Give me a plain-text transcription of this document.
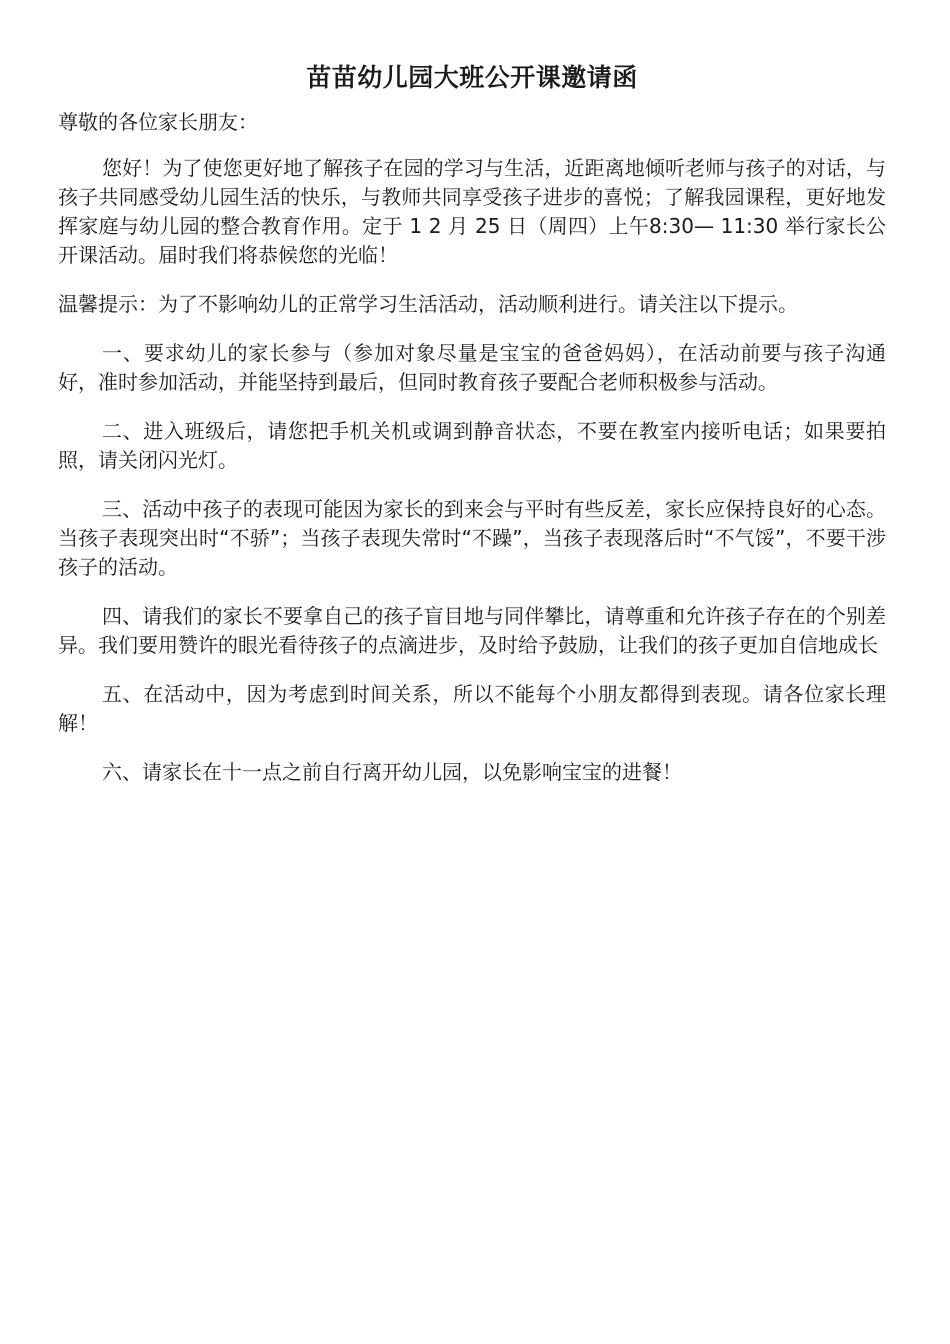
苗苗幼儿园大班公开课邀请函

尊敬的各位家长朋友：

您好！为了使您更好地了解孩子在园的学习与生活，近距离地倾听老师与孩子的对话，与孩子共同感受幼儿园生活的快乐，与教师共同享受孩子进步的喜悦；了解我园课程，更好地发挥家庭与幼儿园的整合教育作用。定于 1 2 月 25 日（周四）上午8:30— 11:30 举行家长公开课活动。届时我们将恭候您的光临！

温馨提示：为了不影响幼儿的正常学习生活活动，活动顺利进行。请关注以下提示。

一、要求幼儿的家长参与（参加对象尽量是宝宝的爸爸妈妈），在活动前要与孩子沟通好，准时参加活动，并能坚持到最后，但同时教育孩子要配合老师积极参与活动。

二、进入班级后，请您把手机关机或调到静音状态，不要在教室内接听电话；如果要拍照，请关闭闪光灯。

三、活动中孩子的表现可能因为家长的到来会与平时有些反差，家长应保持良好的心态。当孩子表现突出时“不骄”；当孩子表现失常时“不躁”，当孩子表现落后时“不气馁”，不要干涉孩子的活动。

四、请我们的家长不要拿自己的孩子盲目地与同伴攀比，请尊重和允许孩子存在的个别差异。我们要用赞许的眼光看待孩子的点滴进步，及时给予鼓励，让我们的孩子更加自信地成长

五、在活动中，因为考虑到时间关系，所以不能每个小朋友都得到表现。请各位家长理解！

六、请家长在十一点之前自行离开幼儿园，以免影响宝宝的进餐！
